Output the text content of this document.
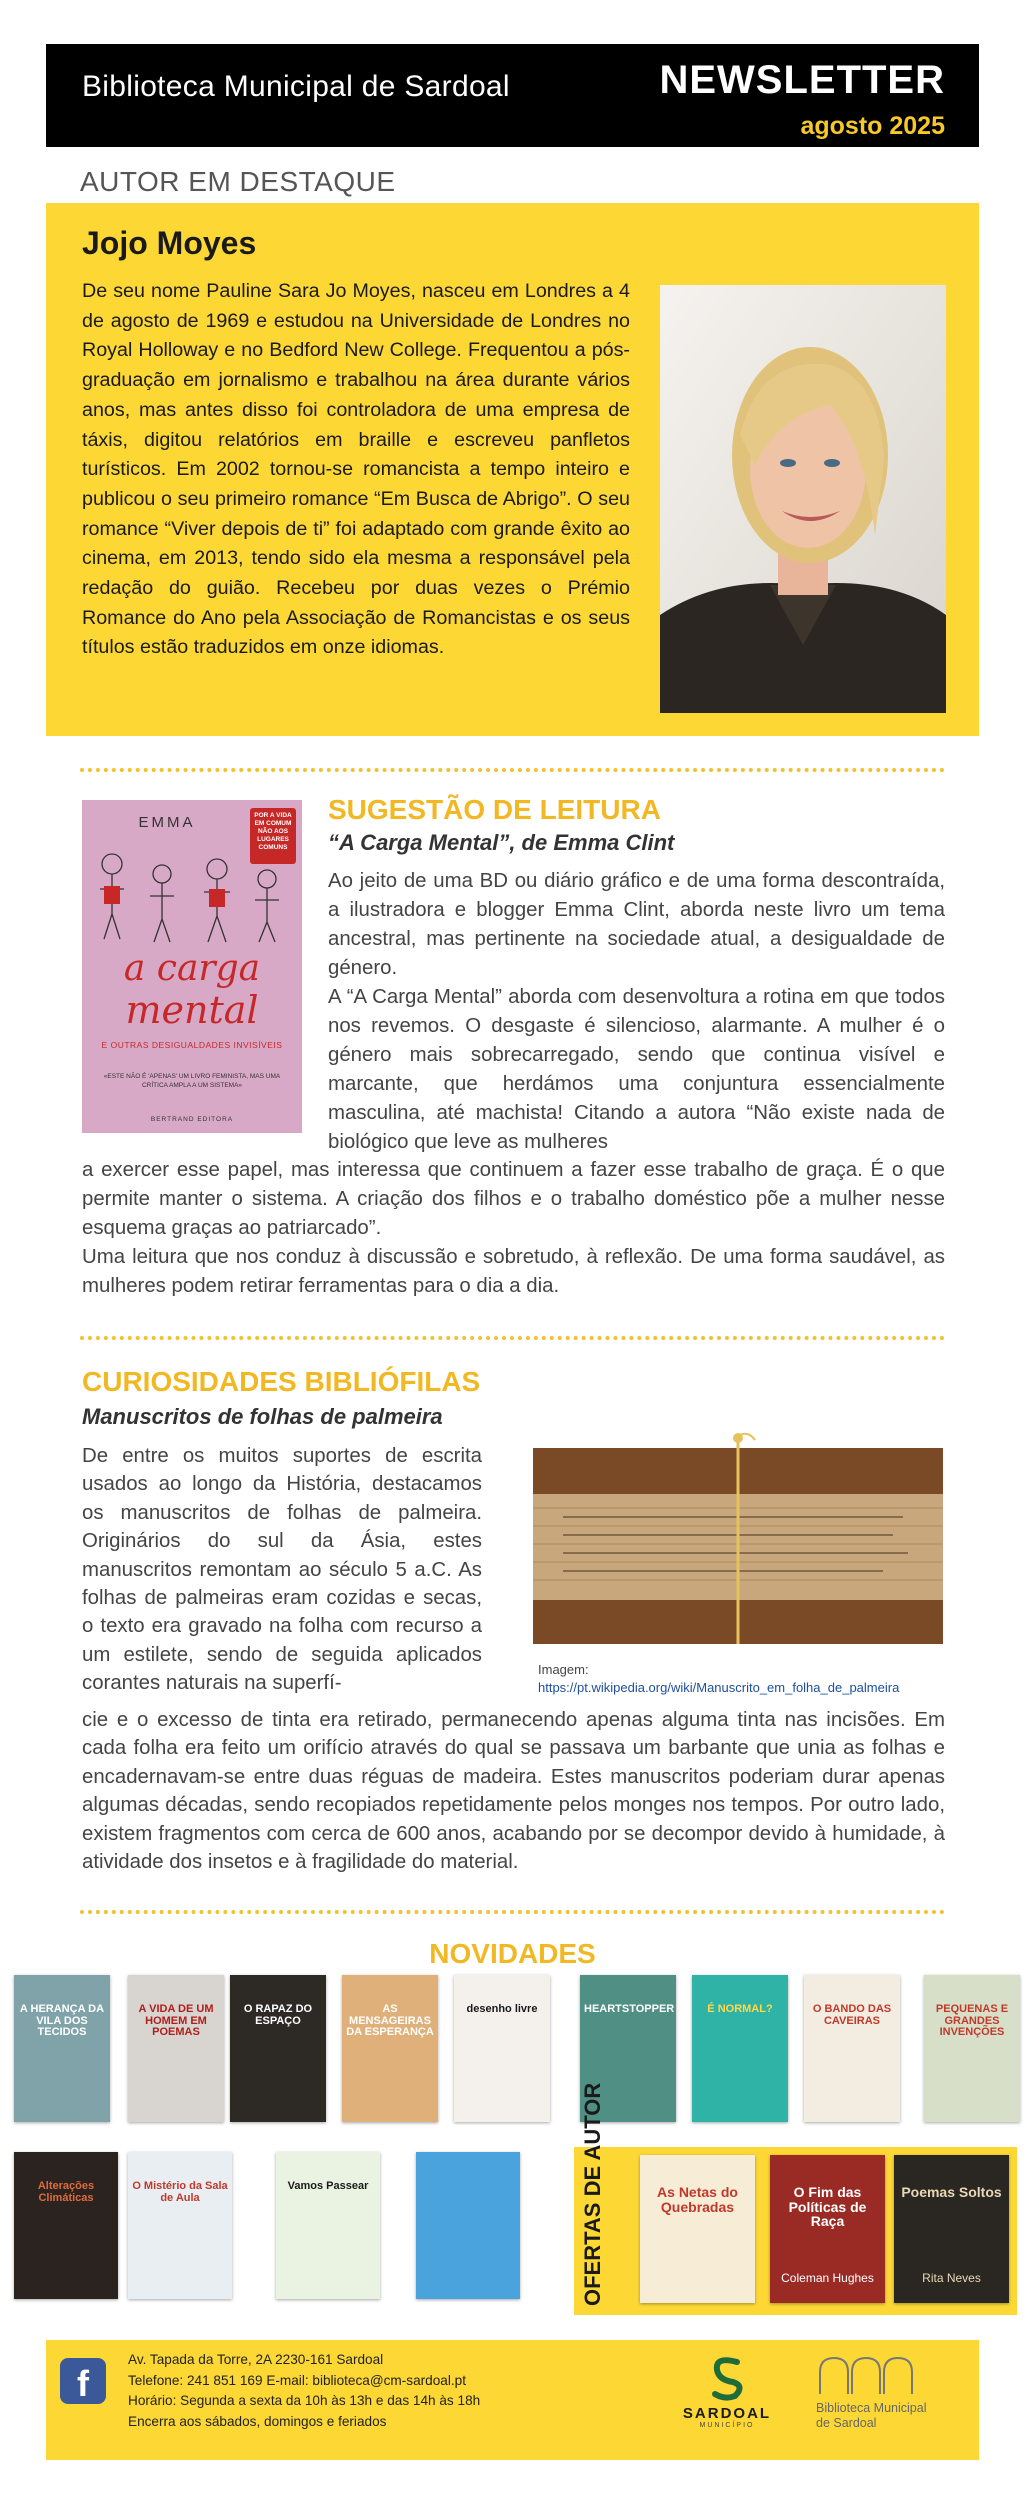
Biblioteca Municipal de Sardoal	NEWSLETTER
agosto 2025
AUTOR EM DESTAQUE
Jojo Moyes
De seu nome Pauline Sara Jo Moyes, nasceu em Londres a 4 de agosto de 1969 e estudou na Universidade de Londres no Royal Holloway e no Bedford New College. Frequentou a pós-graduação em jornalismo e trabalhou na área durante vários anos, mas antes disso foi controladora de uma empresa de táxis, digitou relatórios em braille e escreveu panfletos turísticos. Em 2002 tornou-se romancista a tempo inteiro e publicou o seu primeiro romance “Em Busca de Abrigo”. O seu romance “Viver depois de ti” foi adaptado com grande êxito ao cinema, em 2013, tendo sido ela mesma a responsável pela redação do guião. Recebeu por duas vezes o Prémio Romance do Ano pela Associação de Romancistas e os seus títulos estão traduzidos em onze idiomas.
EMMA	POR A VIDA EM COMUM NÃO AOS LUGARES COMUNS
a carga
mental
E OUTRAS DESIGUALDADES INVISÍVEIS
«ESTE NÃO É 'APENAS' UM LIVRO FEMINISTA, MAS UMA CRÍTICA AMPLA A UM SISTEMA»
BERTRAND EDITORA
SUGESTÃO DE LEITURA
“A Carga Mental”, de Emma Clint

Ao jeito de uma BD ou diário gráfico e de uma forma descontraída, a ilustradora e blogger Emma Clint, aborda neste livro um tema ancestral, mas pertinente na sociedade atual, a desigualdade de género.

A “A Carga Mental” aborda com desenvoltura a rotina em que todos nos revemos. O desgaste é silencioso, alarmante. A mulher é o género mais sobrecarregado, sendo que continua visível e marcante, que herdámos uma conjuntura essencialmente masculina, até machista! Citando a autora “Não existe nada de biológico que leve as mulheres

a exercer esse papel, mas interessa que continuem a fazer esse trabalho de graça. É o que permite manter o sistema. A criação dos filhos e o trabalho doméstico põe a mulher nesse esquema graças ao patriarcado”.

Uma leitura que nos conduz à discussão e sobretudo, à reflexão. De uma forma saudável, as mulheres podem retirar ferramentas para o dia a dia.

CURIOSIDADES BIBLIÓFILAS
Manuscritos de folhas de palmeira

De entre os muitos suportes de escrita usados ao longo da História, destacamos os manuscritos de folhas de palmeira. Originários do sul da Ásia, estes manuscritos remontam ao século 5 a.C. As folhas de palmeiras eram cozidas e secas, o texto era gravado na folha com recurso a um estilete, sendo de seguida aplicados corantes naturais na superfí-

cie e o excesso de tinta era retirado, permanecendo apenas alguma tinta nas incisões. Em cada folha era feito um orifício através do qual se passava um barbante que unia as folhas e encadernavam-se entre duas réguas de madeira. Estes manuscritos poderiam durar apenas algumas décadas, sendo recopiados repetidamente pelos monges nos tempos. Por outro lado, existem fragmentos com cerca de 600 anos, acabando por se decompor devido à humidade, à atividade dos insetos e à fragilidade do material.

Imagem: https://pt.wikipedia.org/wiki/Manuscrito_em_folha_de_palmeira
NOVIDADES
A HERANÇA DA VILA DOS TECIDOS
A VIDA DE UM HOMEM EM POEMAS
O RAPAZ DO ESPAÇO
AS MENSAGEIRAS DA ESPERANÇA
desenho livre	HEARTSTOPPER	É NORMAL?	O BANDO DAS CAVEIRAS
PEQUENAS E GRANDES INVENÇÕES
Alterações Climáticas
O Mistério da Sala de Aula
Vamos Passear	OFERTAS DE AUTOR	As Netas do Quebradas
O Fim das Políticas de Raça
Coleman Hughes
Poemas Soltos
Rita Neves
f
Av. Tapada da Torre, 2A 2230-161 Sardoal
Telefone: 241 851 169 E-mail: biblioteca@cm-sardoal.pt
Horário: Segunda a sexta da 10h às 13h e das 14h às 18h
Encerra aos sábados, domingos e feriados	SARDOAL
MUNICÍPIO
Biblioteca Municipal
de Sardoal
